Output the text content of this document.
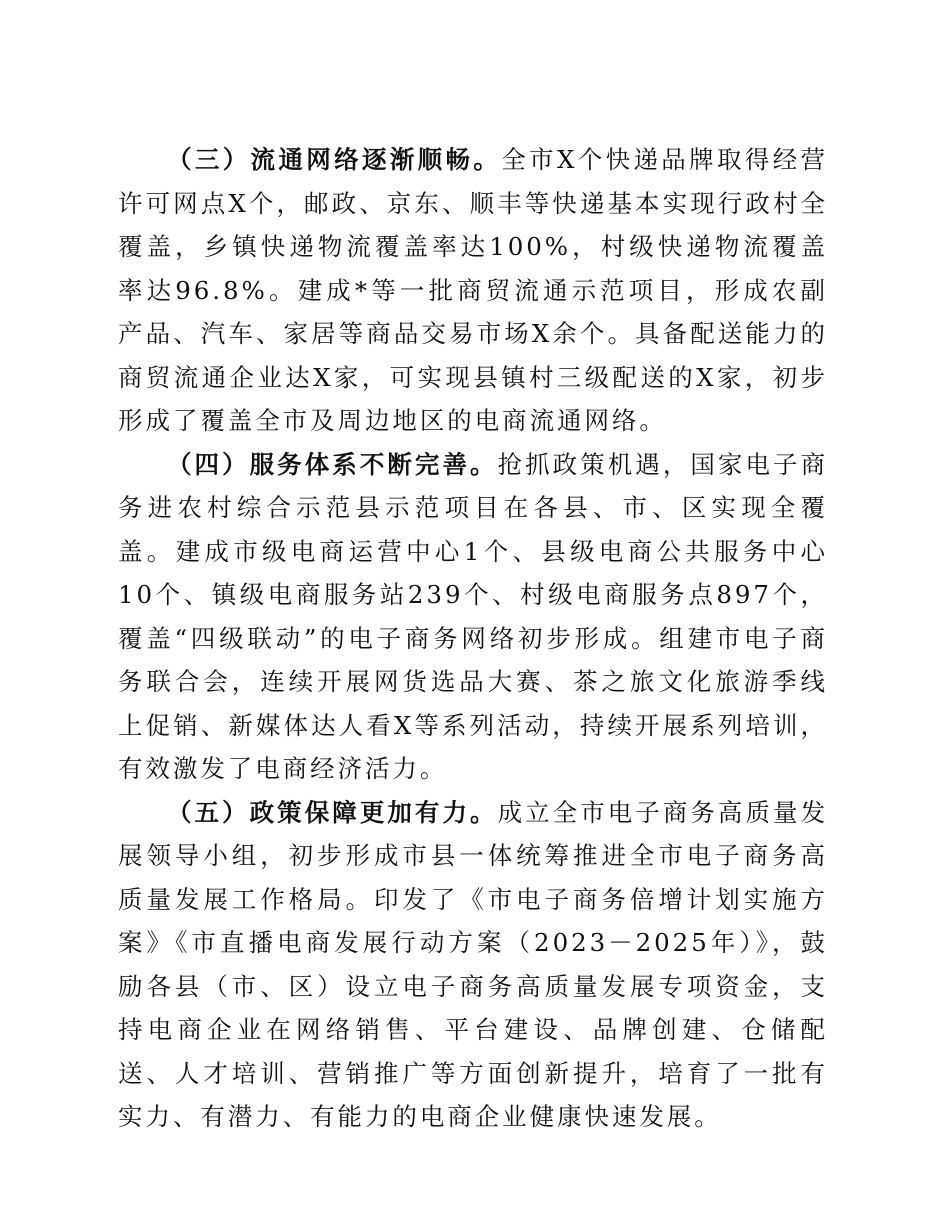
（三）流通网络逐渐顺畅。全市X个快递品牌取得经营许可网点X个，邮政、京东、顺丰等快递基本实现行政村全覆盖，乡镇快递物流覆盖率达100%，村级快递物流覆盖率达96.8%。建成*等一批商贸流通示范项目，形成农副产品、汽车、家居等商品交易市场X余个。具备配送能力的商贸流通企业达X家，可实现县镇村三级配送的X家，初步形成了覆盖全市及周边地区的电商流通网络。

（四）服务体系不断完善。抢抓政策机遇，国家电子商务进农村综合示范县示范项目在各县、市、区实现全覆盖。建成市级电商运营中心1个、县级电商公共服务中心10个、镇级电商服务站239个、村级电商服务点897个，覆盖“四级联动”的电子商务网络初步形成。组建市电子商务联合会，连续开展网货选品大赛、茶之旅文化旅游季线上促销、新媒体达人看X等系列活动，持续开展系列培训，有效激发了电商经济活力。

（五）政策保障更加有力。成立全市电子商务高质量发展领导小组，初步形成市县一体统筹推进全市电子商务高质量发展工作格局。印发了《市电子商务倍增计划实施方案》《市直播电商发展行动方案（2023－2025年）》，鼓励各县（市、区）设立电子商务高质量发展专项资金，支持电商企业在网络销售、平台建设、品牌创建、仓储配送、人才培训、营销推广等方面创新提升，培育了一批有实力、有潜力、有能力的电商企业健康快速发展。
